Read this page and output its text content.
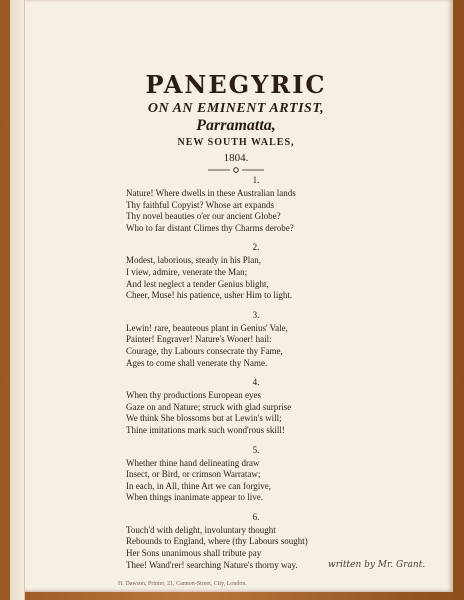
PANEGYRIC
ON AN EMINENT ARTIST,
Parramatta,
NEW SOUTH WALES,
1804.
1.
Nature! Where dwells in these Australian lands
Thy faithful Copyist? Whose art expands
Thy novel beauties o'er our ancient Globe?
Who to far distant Climes thy Charms derobe?
2.
Modest, laborious, steady in his Plan,
I view, admire, venerate the Man;
And lest neglect a tender Genius blight,
Cheer, Muse! his patience, usher Him to light.
3.
Lewin! rare, beauteous plant in Genius' Vale,
Painter! Engraver! Nature's Wooer! hail:
Courage, thy Labours consecrate thy Fame,
Ages to come shall venerate thy Name.
4.
When thy productions European eyes
Gaze on and Nature; struck with glad surprise
We think She blossoms but at Lewin's will;
Thine imitations mark such wond'rous skill!
5.
Whether thine hand delineating draw
Insect, or Bird, or crimson Warrataw;
In each, in All, thine Art we can forgive,
When things inanimate appear to live.
6.
Touch'd with delight, involuntary thought
Rebounds to England, where (thy Labours sought)
Her Sons unanimous shall tribute pay
Thee! Wand'rer! searching Nature's thorny way.	written by Mr. Grant.
H. Dawson, Printer, 21, Cannon-Street, City, London.
